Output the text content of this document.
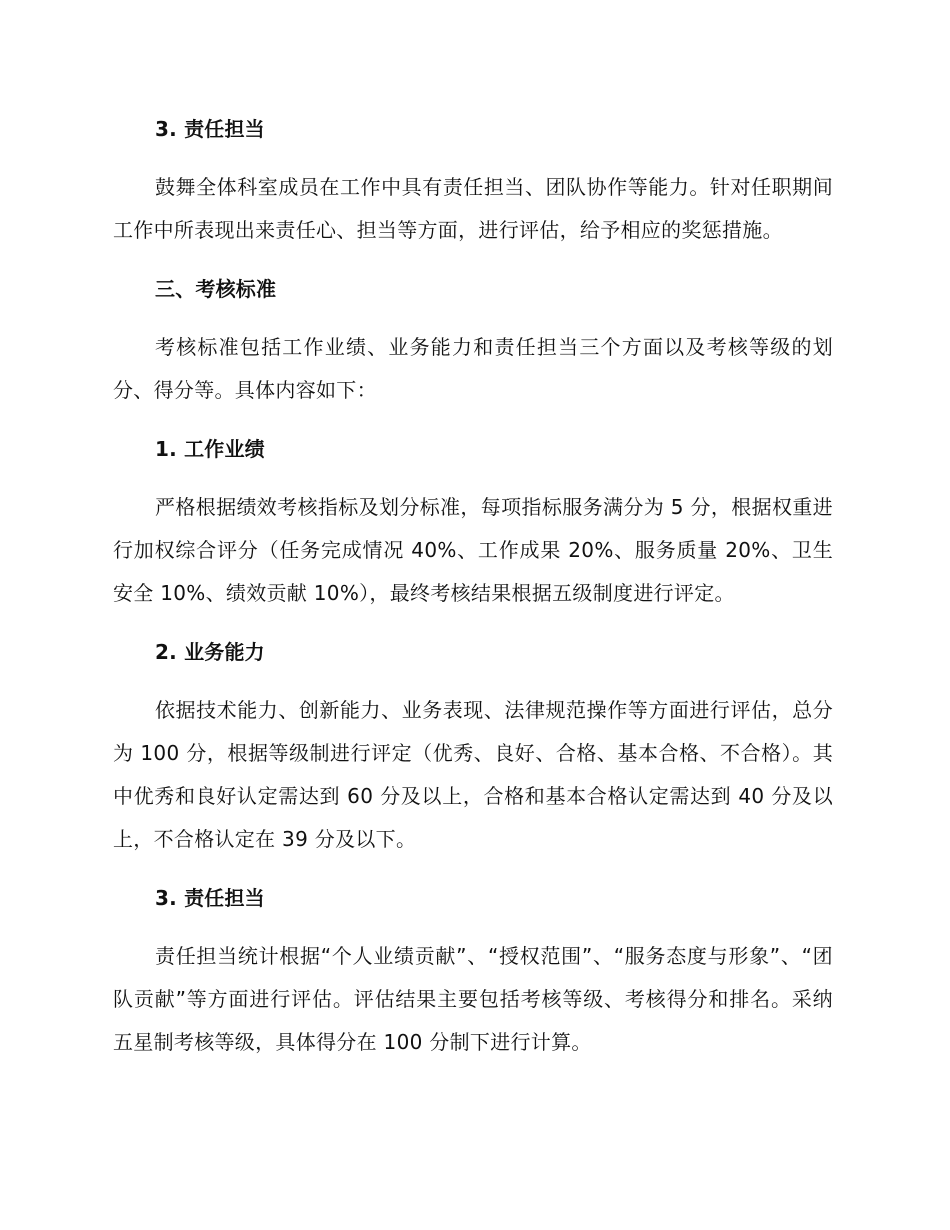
3. 责任担当

鼓舞全体科室成员在工作中具有责任担当、团队协作等能力。针对任职期间工作中所表现出来责任心、担当等方面，进行评估，给予相应的奖惩措施。

三、考核标准

考核标准包括工作业绩、业务能力和责任担当三个方面以及考核等级的划分、得分等。具体内容如下：

1. 工作业绩

严格根据绩效考核指标及划分标准，每项指标服务满分为 5 分，根据权重进行加权综合评分（任务完成情况 40%、工作成果 20%、服务质量 20%、卫生安全 10%、绩效贡献 10%），最终考核结果根据五级制度进行评定。

2. 业务能力

依据技术能力、创新能力、业务表现、法律规范操作等方面进行评估，总分为 100 分，根据等级制进行评定（优秀、良好、合格、基本合格、不合格）。其中优秀和良好认定需达到 60 分及以上，合格和基本合格认定需达到 40 分及以上，不合格认定在 39 分及以下。

3. 责任担当

责任担当统计根据“个人业绩贡献”、“授权范围”、“服务态度与形象”、“团队贡献”等方面进行评估。评估结果主要包括考核等级、考核得分和排名。采纳五星制考核等级，具体得分在 100 分制下进行计算。
